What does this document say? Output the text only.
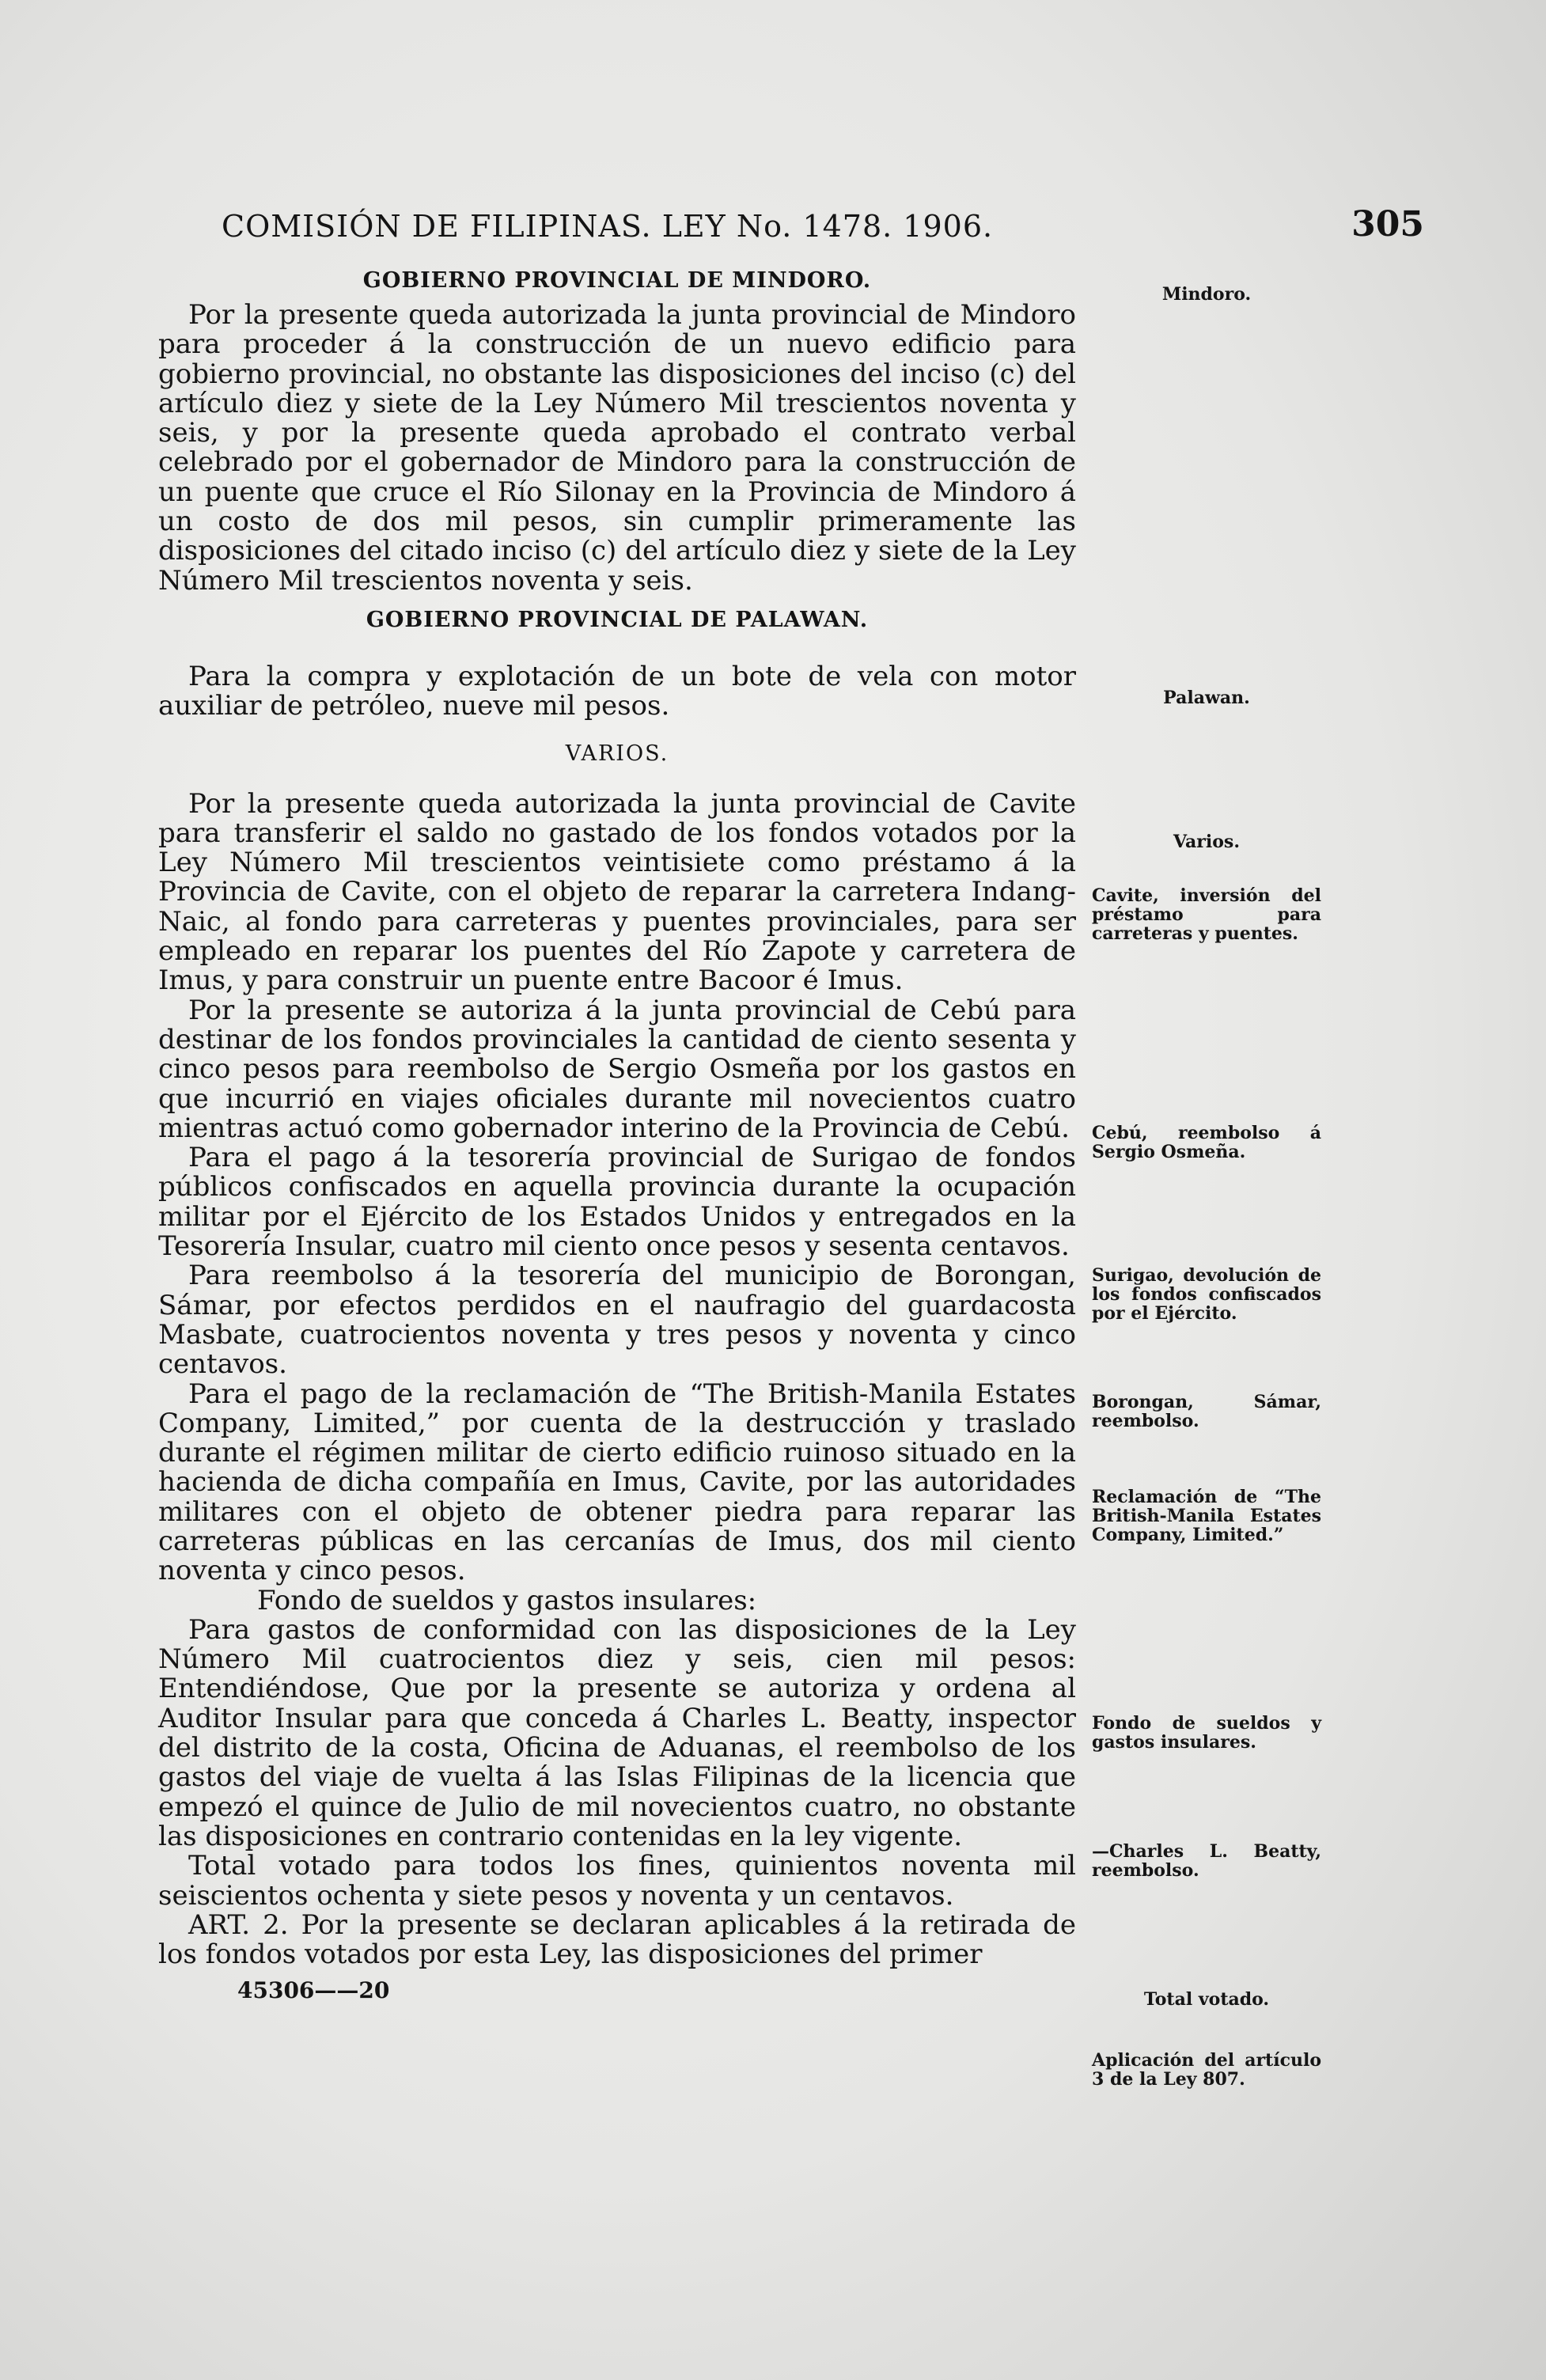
COMISIÓN DE FILIPINAS. LEY No. 1478. 1906.	305
GOBIERNO PROVINCIAL DE MINDORO.

Por la presente queda autorizada la junta provincial de Mindoro para proceder á la construcción de un nuevo edificio para gobierno provincial, no obstante las disposiciones del inciso (c) del artículo diez y siete de la Ley Número Mil trescientos noventa y seis, y por la presente queda aprobado el contrato verbal celebrado por el gobernador de Mindoro para la construcción de un puente que cruce el Río Silonay en la Provincia de Mindoro á un costo de dos mil pesos, sin cumplir primeramente las disposiciones del citado inciso (c) del artículo diez y siete de la Ley Número Mil trescientos noventa y seis.

GOBIERNO PROVINCIAL DE PALAWAN.

Para la compra y explotación de un bote de vela con motor auxiliar de petróleo, nueve mil pesos.

VARIOS.

Por la presente queda autorizada la junta provincial de Cavite para transferir el saldo no gastado de los fondos votados por la Ley Número Mil trescientos veintisiete como préstamo á la Provincia de Cavite, con el objeto de reparar la carretera Indang-Naic, al fondo para carreteras y puentes provinciales, para ser empleado en reparar los puentes del Río Zapote y carretera de Imus, y para construir un puente entre Bacoor é Imus.

Por la presente se autoriza á la junta provincial de Cebú para destinar de los fondos provinciales la cantidad de ciento sesenta y cinco pesos para reembolso de Sergio Osmeña por los gastos en que incurrió en viajes oficiales durante mil novecientos cuatro mientras actuó como gobernador interino de la Provincia de Cebú.

Para el pago á la tesorería provincial de Surigao de fondos públicos confiscados en aquella provincia durante la ocupación militar por el Ejército de los Estados Unidos y entregados en la Tesorería Insular, cuatro mil ciento once pesos y sesenta centavos.

Para reembolso á la tesorería del municipio de Borongan, Sámar, por efectos perdidos en el naufragio del guardacosta Masbate, cuatrocientos noventa y tres pesos y noventa y cinco centavos.

Para el pago de la reclamación de “The British-Manila Estates Company, Limited,” por cuenta de la destrucción y traslado durante el régimen militar de cierto edificio ruinoso situado en la hacienda de dicha compañía en Imus, Cavite, por las autoridades militares con el objeto de obtener piedra para reparar las carreteras públicas en las cercanías de Imus, dos mil ciento noventa y cinco pesos.

Fondo de sueldos y gastos insulares:

Para gastos de conformidad con las disposiciones de la Ley Número Mil cuatrocientos diez y seis, cien mil pesos: Entendiéndose, Que por la presente se autoriza y ordena al Auditor Insular para que conceda á Charles L. Beatty, inspector del distrito de la costa, Oficina de Aduanas, el reembolso de los gastos del viaje de vuelta á las Islas Filipinas de la licencia que empezó el quince de Julio de mil novecientos cuatro, no obstante las disposiciones en contrario contenidas en la ley vigente.

Total votado para todos los fines, quinientos noventa mil seiscientos ochenta y siete pesos y noventa y un centavos.

ART. 2. Por la presente se declaran aplicables á la retirada de los fondos votados por esta Ley, las disposiciones del primer

45306——20
Mindoro.
Palawan.
Varios.
Cavite, inversión del préstamo para carreteras y puentes.
Cebú, reembolso á Sergio Osmeña.
Surigao, devolución de los fondos confiscados por el Ejército.
Borongan, Sámar, reembolso.
Reclamación de “The British-Manila Estates Company, Limited.”
Fondo de sueldos y gastos insulares.
—Charles L. Beatty, reembolso.
Total votado.
Aplicación del artículo 3 de la Ley 807.
